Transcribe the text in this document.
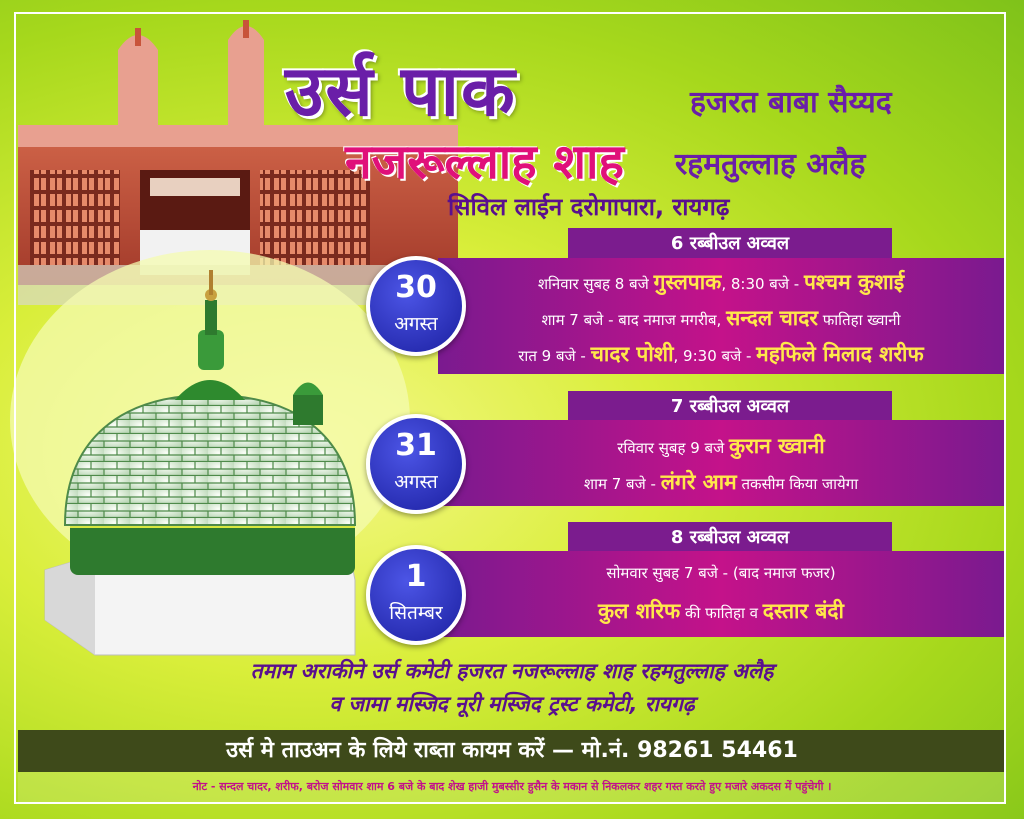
उर्स पाक	हजरत बाबा सैय्यद
नजरूल्लाह शाह रहमतुल्लाह अलैह
सिविल लाईन दरोगापारा, रायगढ़
6 रब्बीउल अव्वल
शनिवार सुबह 8 बजे गुस्लपाक, 8:30 बजे - पश्चम कुशाई
शाम 7 बजे - बाद नमाज मगरीब, सन्दल चादर फातिहा ख्वानी
रात 9 बजे - चादर पोशी, 9:30 बजे - महफिले मिलाद शरीफ
30
अगस्त
7 रब्बीउल अव्वल
रविवार सुबह 9 बजे कुरान ख्वानी
शाम 7 बजे - लंगरे आम तकसीम किया जायेगा
31
अगस्त
8 रब्बीउल अव्वल
सोमवार सुबह 7 बजे - (बाद नमाज फजर)
कुल शरिफ की फातिहा व दस्तार बंदी
1
सितम्बर
तमाम अराकीने उर्स कमेटी हजरत नजरूल्लाह शाह रहमतुल्लाह अलैह
व जामा मस्जिद नूरी मस्जिद ट्रस्ट कमेटी, रायगढ़
उर्स मे ताउअन के लिये राब्ता कायम करें — मो.नं. 98261 54461
नोट - सन्दल चादर, शरीफ, बरोज सोमवार शाम 6 बजे के बाद शेख हाजी मुबस्सीर हुसैन के मकान से निकलकर शहर गस्त करते हुए मजारे अकदस में पहुंचेगी ।
